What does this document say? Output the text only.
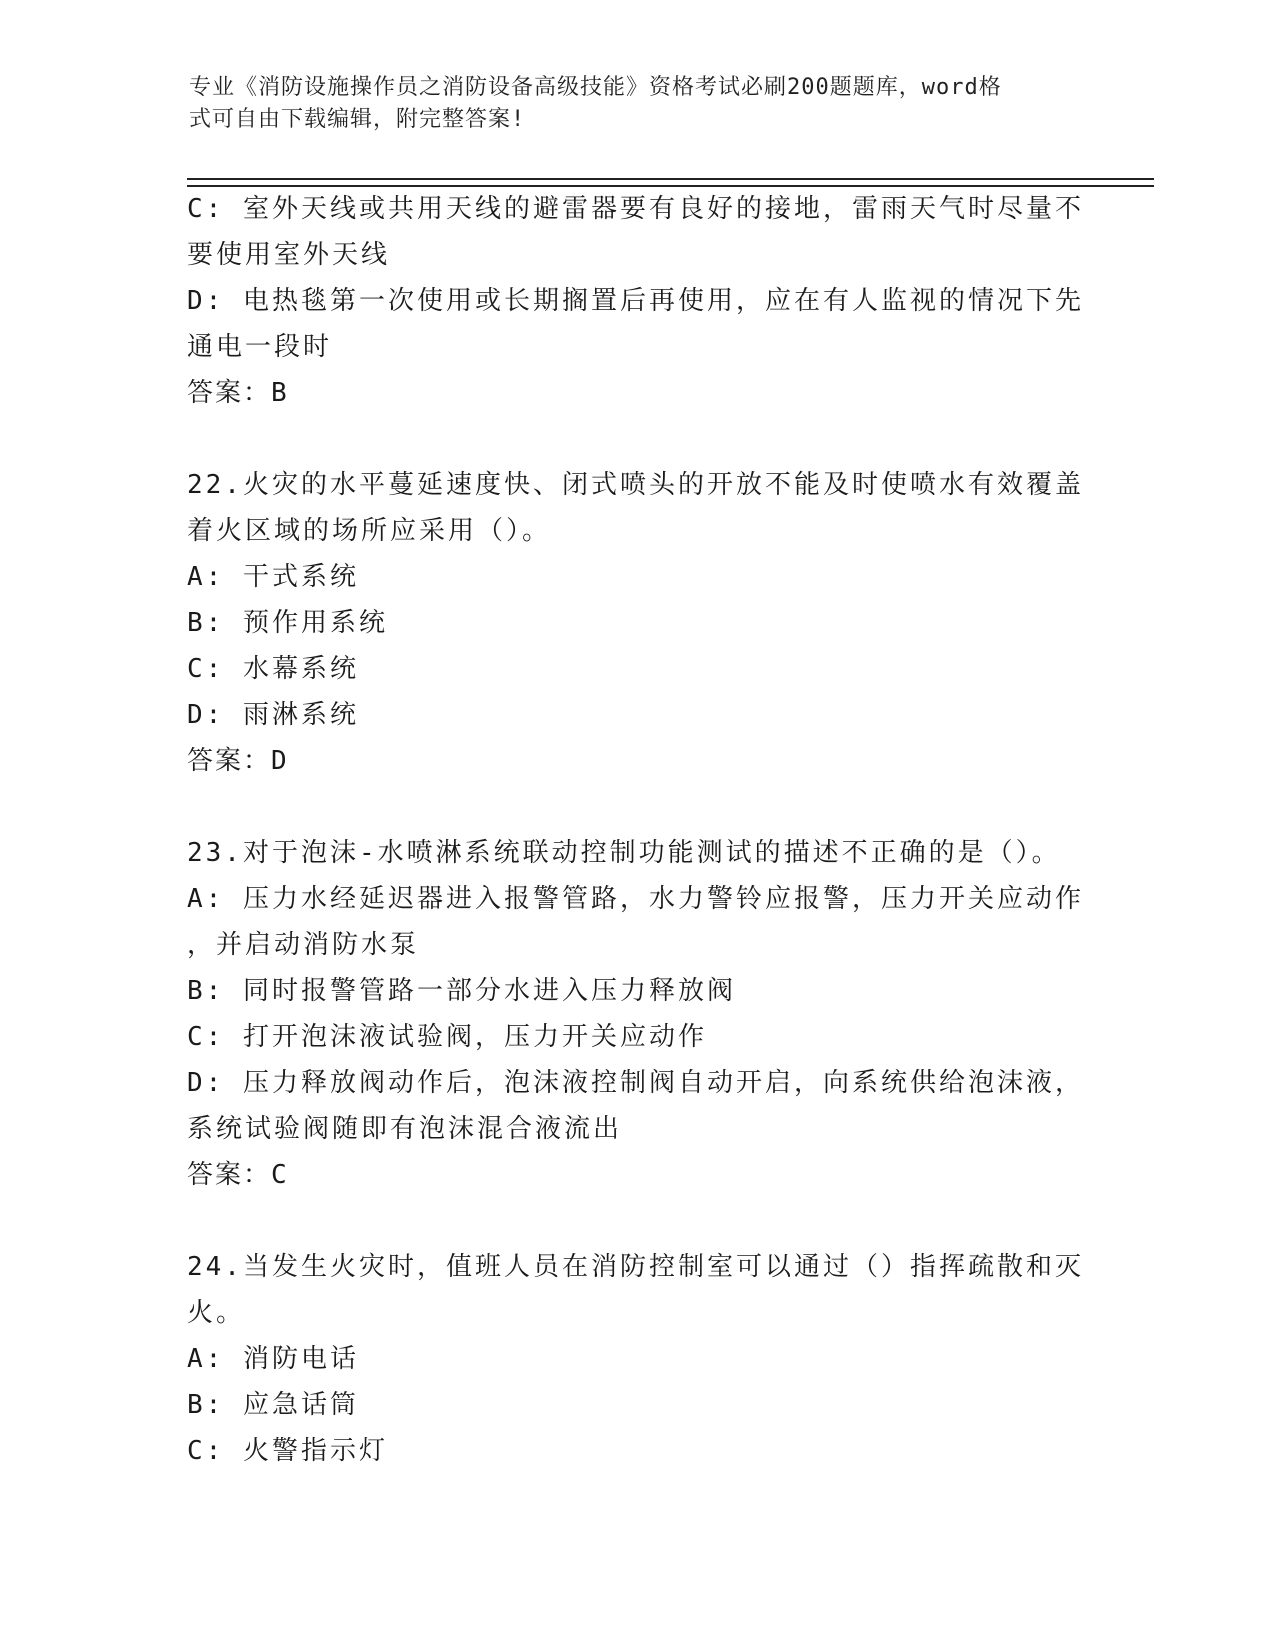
专业《消防设施操作员之消防设备高级技能》资格考试必刷200题题库，word格

式可自由下载编辑，附完整答案!

C: 室外天线或共用天线的避雷器要有良好的接地，雷雨天气时尽量不

要使用室外天线

D: 电热毯第一次使用或长期搁置后再使用，应在有人监视的情况下先

通电一段时

答案：B

22.火灾的水平蔓延速度快、闭式喷头的开放不能及时使喷水有效覆盖

着火区域的场所应采用（）。

A: 干式系统

B: 预作用系统

C: 水幕系统

D: 雨淋系统

答案：D

23.对于泡沫-水喷淋系统联动控制功能测试的描述不正确的是（）。

A: 压力水经延迟器进入报警管路，水力警铃应报警，压力开关应动作

，并启动消防水泵

B: 同时报警管路一部分水进入压力释放阀

C: 打开泡沫液试验阀，压力开关应动作

D: 压力释放阀动作后，泡沫液控制阀自动开启，向系统供给泡沫液，

系统试验阀随即有泡沫混合液流出

答案：C

24.当发生火灾时，值班人员在消防控制室可以通过（）指挥疏散和灭

火。

A: 消防电话

B: 应急话筒

C: 火警指示灯
